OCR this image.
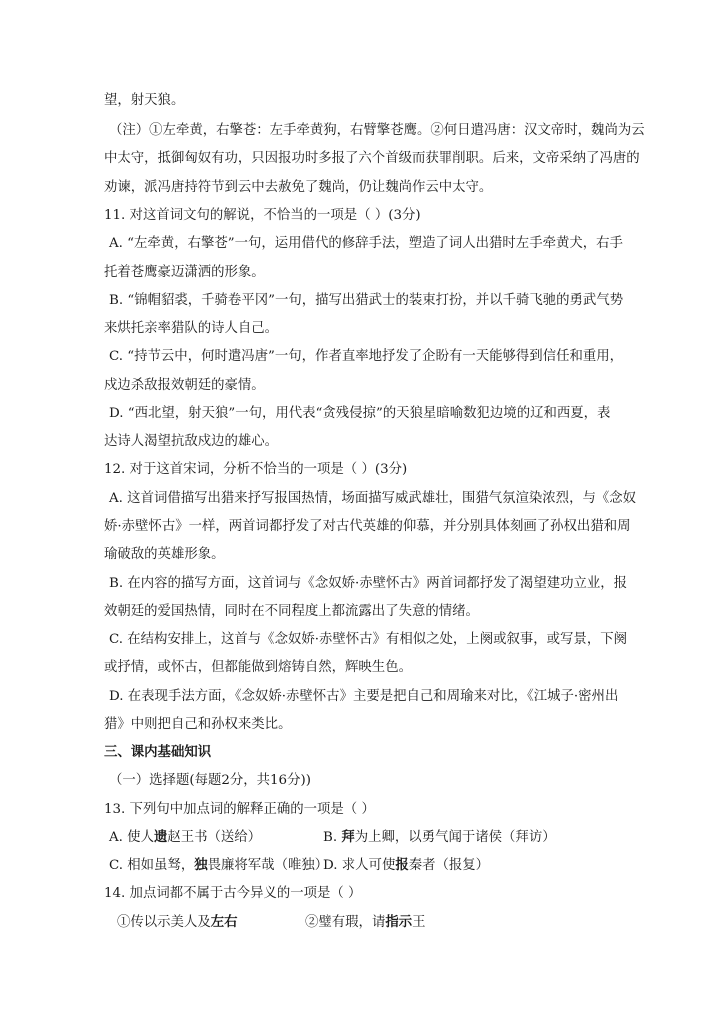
望，射天狼。
（注）①左牵黄，右擎苍：左手牵黄狗，右臂擎苍鹰。②何日遣冯唐：汉文帝时，魏尚为云
中太守，抵御匈奴有功，只因报功时多报了六个首级而获罪削职。后来，文帝采纳了冯唐的
劝谏，派冯唐持符节到云中去赦免了魏尚，仍让魏尚作云中太守。
11. 对这首词文句的解说，不恰当的一项是（ ）(3分)
A. “左牵黄，右擎苍”一句，运用借代的修辞手法，塑造了词人出猎时左手牵黄犬，右手
托着苍鹰豪迈潇洒的形象。
B. “锦帽貂裘，千骑卷平冈”一句，描写出猎武士的装束打扮，并以千骑飞驰的勇武气势
来烘托亲率猎队的诗人自己。
C. “持节云中，何时遣冯唐”一句，作者直率地抒发了企盼有一天能够得到信任和重用，
戍边杀敌报效朝廷的豪情。
D. “西北望，射天狼”一句，用代表“贪残侵掠”的天狼星暗喻数犯边境的辽和西夏，表
达诗人渴望抗敌戍边的雄心。
12. 对于这首宋词，分析不恰当的一项是（ ）(3分)
A. 这首词借描写出猎来抒写报国热情，场面描写威武雄壮，围猎气氛渲染浓烈，与《念奴
娇·赤壁怀古》一样，两首词都抒发了对古代英雄的仰慕，并分别具体刻画了孙权出猎和周
瑜破敌的英雄形象。
B. 在内容的描写方面，这首词与《念奴娇·赤壁怀古》两首词都抒发了渴望建功立业，报
效朝廷的爱国热情，同时在不同程度上都流露出了失意的情绪。
C. 在结构安排上，这首与《念奴娇·赤壁怀古》有相似之处，上阕或叙事，或写景，下阕
或抒情，或怀古，但都能做到熔铸自然，辉映生色。
D. 在表现手法方面，《念奴娇·赤壁怀古》主要是把自己和周瑜来对比，《江城子·密州出
猎》中则把自己和孙权来类比。
三、课内基础知识
（一）选择题(每题2分，共16分))
13. 下列句中加点词的解释正确的一项是（ ）
A. 使人遗赵王书（送给）	B. 拜为上卿，以勇气闻于诸侯（拜访）
C. 相如虽驽，独畏廉将军哉（唯独）
D. 求人可使报秦者（报复）
14. 加点词都不属于古今异义的一项是（ ）
①传以示美人及左右	②璧有瑕，请指示王
